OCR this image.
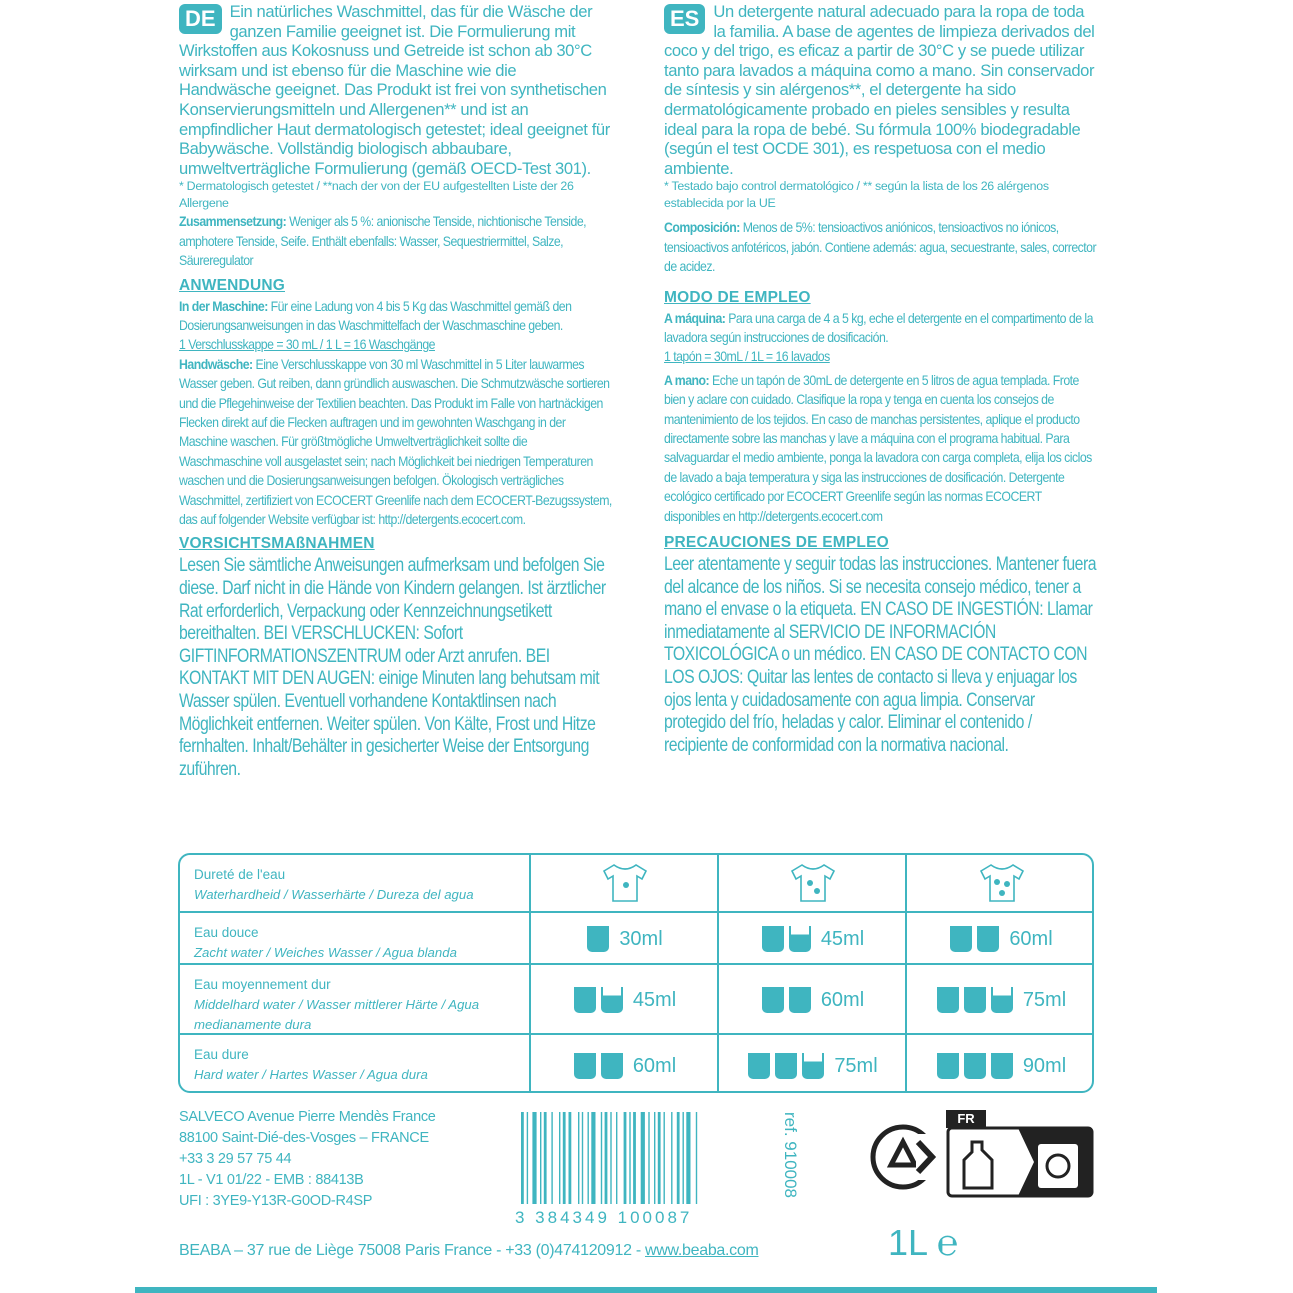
DE Ein natürliches Waschmittel, das für die Wäsche der ganzen Familie geeignet ist. Die Formulierung mit Wirkstoffen aus Kokosnuss und Getreide ist schon ab 30°C wirksam und ist ebenso für die Maschine wie die Handwäsche geeignet. Das Produkt ist frei von synthetischen Konservierungsmitteln und Allergenen** und ist an empfindlicher Haut dermatologisch getestet; ideal geeignet für Babywäsche. Vollständig biologisch abbaubare, umweltverträgliche Formulierung (gemäß OECD-Test 301).

* Dermatologisch getestet / **nach der von der EU aufgestellten Liste der 26 Allergene

Zusammensetzung: Weniger als 5 %: anionische Tenside, nichtionische Tenside, amphotere Tenside, Seife. Enthält ebenfalls: Wasser, Sequestriermittel, Salze, Säureregulator

ANWENDUNG

In der Maschine: Für eine Ladung von 4 bis 5 Kg das Waschmittel gemäß den Dosierungsanweisungen in das Waschmittelfach der Waschmaschine geben.

1 Verschlusskappe = 30 mL / 1 L = 16 Waschgänge

Handwäsche: Eine Verschlusskappe von 30 ml Waschmittel in 5 Liter lauwarmes Wasser geben. Gut reiben, dann gründlich auswaschen. Die Schmutzwäsche sortieren und die Pflegehinweise der Textilien beachten. Das Produkt im Falle von hartnäckigen Flecken direkt auf die Flecken auftragen und im gewohnten Waschgang in der Maschine waschen. Für größtmögliche Umweltverträglichkeit sollte die Waschmaschine voll ausgelastet sein; nach Möglichkeit bei niedrigen Temperaturen waschen und die Dosierungsanweisungen befolgen. Ökologisch verträgliches Waschmittel, zertifiziert von ECOCERT Greenlife nach dem ECOCERT-Bezugssystem, das auf folgender Website verfügbar ist: http://detergents.ecocert.com.

VORSICHTSMAßNAHMEN

Lesen Sie sämtliche Anweisungen aufmerksam und befolgen Sie diese. Darf nicht in die Hände von Kindern gelangen. Ist ärztlicher Rat erforderlich, Verpackung oder Kennzeichnungsetikett bereithalten. BEI VERSCHLUCKEN: Sofort GIFTINFORMATIONSZENTRUM oder Arzt anrufen. BEI KONTAKT MIT DEN AUGEN: einige Minuten lang behutsam mit Wasser spülen. Eventuell vorhandene Kontaktlinsen nach Möglichkeit entfernen. Weiter spülen. Von Kälte, Frost und Hitze fernhalten. Inhalt/Behälter in gesicherter Weise der Entsorgung zuführen.

ES Un detergente natural adecuado para la ropa de toda la familia. A base de agentes de limpieza derivados del coco y del trigo, es eficaz a partir de 30°C y se puede utilizar tanto para lavados a máquina como a mano. Sin conservador de síntesis y sin alérgenos**, el detergente ha sido dermatológicamente probado en pieles sensibles y resulta ideal para la ropa de bebé. Su fórmula 100% biodegradable (según el test OCDE 301), es respetuosa con el medio ambiente.

* Testado bajo control dermatológico / ** según la lista de los 26 alérgenos establecida por la UE

Composición: Menos de 5%: tensioactivos aniónicos, tensioactivos no iónicos, tensioactivos anfotéricos, jabón. Contiene además: agua, secuestrante, sales, corrector de acidez.

MODO DE EMPLEO

A máquina: Para una carga de 4 a 5 kg, eche el detergente en el compartimento de la lavadora según instrucciones de dosificación.

1 tapón = 30mL / 1L = 16 lavados

A mano: Eche un tapón de 30mL de detergente en 5 litros de agua templada. Frote bien y aclare con cuidado. Clasifique la ropa y tenga en cuenta los consejos de mantenimiento de los tejidos. En caso de manchas persistentes, aplique el producto directamente sobre las manchas y lave a máquina con el programa habitual. Para salvaguardar el medio ambiente, ponga la lavadora con carga completa, elija los ciclos de lavado a baja temperatura y siga las instrucciones de dosificación. Detergente ecológico certificado por ECOCERT Greenlife según las normas ECOCERT disponibles en http://detergents.ecocert.com

PRECAUCIONES DE EMPLEO

Leer atentamente y seguir todas las instrucciones. Mantener fuera del alcance de los niños. Si se necesita consejo médico, tener a mano el envase o la etiqueta. EN CASO DE INGESTIÓN: Llamar inmediatamente al SERVICIO DE INFORMACIÓN TOXICOLÓGICA o un médico. EN CASO DE CONTACTO CON LOS OJOS: Quitar las lentes de contacto si lleva y enjuagar los ojos lenta y cuidadosamente con agua limpia. Conservar protegido del frío, heladas y calor. Eliminar el contenido / recipiente de conformidad con la normativa nacional.

Dureté de l'eau
Waterhardheid / Wasserhärte / Dureza del agua
Eau douce
Zacht water / Weiches Wasser / Agua blanda
30ml	45ml	60ml
Eau moyennement dur
Middelhard water / Wasser mittlerer Härte / Agua medianamente dura
45ml	60ml	75ml
Eau dure
Hard water / Hartes Wasser / Agua dura	60ml	75ml	90ml
SALVECO Avenue Pierre Mendès France
88100 Saint-Dié-des-Vosges – FRANCE
+33 3 29 57 75 44
1L - V1 01/22 - EMB : 88413B
UFI : 3YE9-Y13R-G0OD-R4SP
3 384349 100087
ref. 910008	FR
BEABA – 37 rue de Liège 75008 Paris France - +33 (0)474120912 - www.beaba.com	1L ℮
